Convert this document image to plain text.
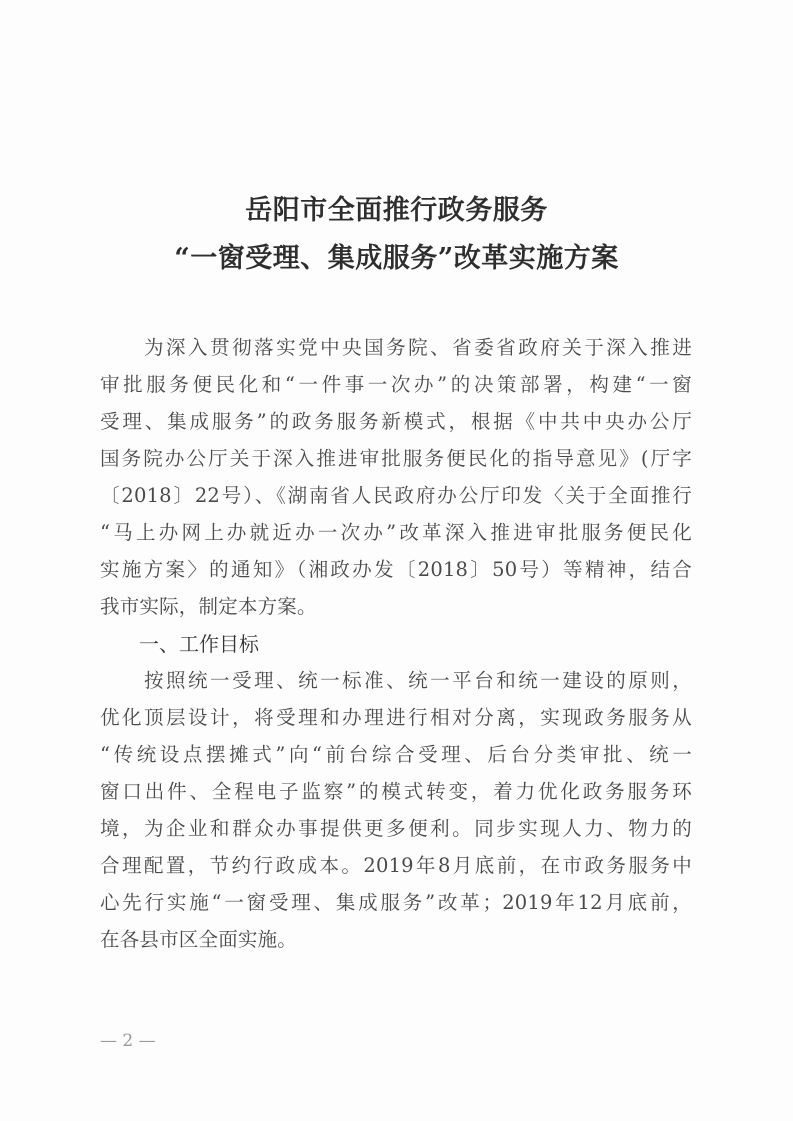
岳阳市全面推行政务服务
“一窗受理、集成服务”改革实施方案
　　为深入贯彻落实党中央国务院、省委省政府关于深入推进
审批服务便民化和“一件事一次办”的决策部署，构建“一窗
受理、集成服务”的政务服务新模式，根据《中共中央办公厅
国务院办公厅关于深入推进审批服务便民化的指导意见》(厅字
〔2018〕22号）、《湖南省人民政府办公厅印发〈关于全面推行
“马上办网上办就近办一次办”改革深入推进审批服务便民化
实施方案〉的通知》（湘政办发〔2018〕50号）等精神，结合
我市实际，制定本方案。
一、工作目标
　　按照统一受理、统一标准、统一平台和统一建设的原则，
优化顶层设计，将受理和办理进行相对分离，实现政务服务从
“传统设点摆摊式”向“前台综合受理、后台分类审批、统一
窗口出件、全程电子监察”的模式转变，着力优化政务服务环
境，为企业和群众办事提供更多便利。同步实现人力、物力的
合理配置，节约行政成本。2019年8月底前，在市政务服务中
心先行实施“一窗受理、集成服务”改革；2019年12月底前，
在各县市区全面实施。
— 2 —
